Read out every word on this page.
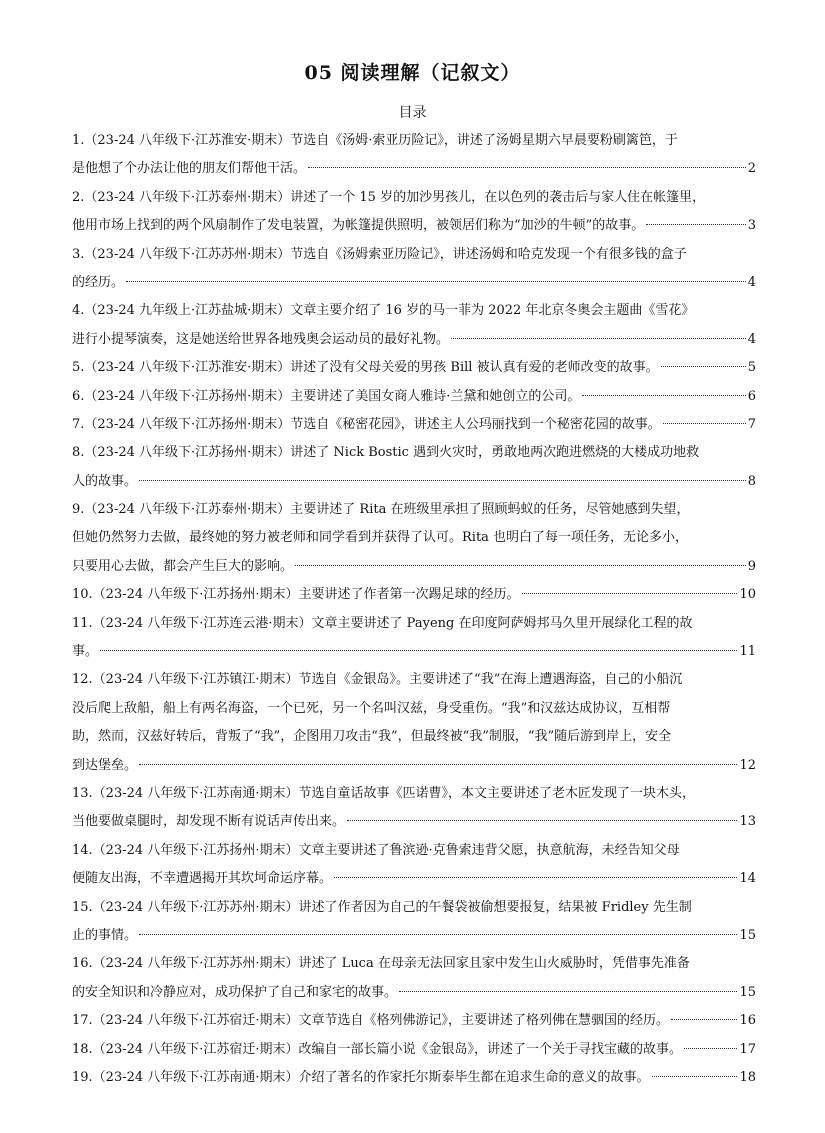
05 阅读理解（记叙文）
目录
1.（23-24 八年级下·江苏淮安·期末）节选自《汤姆·索亚历险记》，讲述了汤姆星期六早晨要粉刷篱笆，于
是他想了个办法让他的朋友们帮他干活。	2
2.（23-24 八年级下·江苏泰州·期末）讲述了一个 15 岁的加沙男孩儿，在以色列的袭击后与家人住在帐篷里，
他用市场上找到的两个风扇制作了发电装置，为帐篷提供照明，被领居们称为“加沙的牛顿”的故事。	3
3.（23-24 八年级下·江苏苏州·期末）节选自《汤姆索亚历险记》，讲述汤姆和哈克发现一个有很多钱的盒子
的经历。	4
4.（23-24 九年级上·江苏盐城·期末）文章主要介绍了 16 岁的马一菲为 2022 年北京冬奥会主题曲《雪花》
进行小提琴演奏，这是她送给世界各地残奥会运动员的最好礼物。	4
5.（23-24 八年级下·江苏淮安·期末）讲述了没有父母关爱的男孩 Bill 被认真有爱的老师改变的故事。	5
6.（23-24 八年级下·江苏扬州·期末）主要讲述了美国女商人雅诗·兰黛和她创立的公司。	6
7.（23-24 八年级下·江苏扬州·期末）节选自《秘密花园》，讲述主人公玛丽找到一个秘密花园的故事。	7
8.（23-24 八年级下·江苏扬州·期末）讲述了 Nick Bostic 遇到火灾时，勇敢地两次跑进燃烧的大楼成功地救
人的故事。	8
9.（23-24 八年级下·江苏泰州·期末）主要讲述了 Rita 在班级里承担了照顾蚂蚁的任务，尽管她感到失望，
但她仍然努力去做，最终她的努力被老师和同学看到并获得了认可。Rita 也明白了每一项任务，无论多小，
只要用心去做，都会产生巨大的影响。	9
10.（23-24 八年级下·江苏扬州·期末）主要讲述了作者第一次踢足球的经历。	10
11.（23-24 八年级下·江苏连云港·期末）文章主要讲述了 Payeng 在印度阿萨姆邦马久里开展绿化工程的故
事。	11
12.（23-24 八年级下·江苏镇江·期末）节选自《金银岛》。主要讲述了“我”在海上遭遇海盗，自己的小船沉
没后爬上敌船，船上有两名海盗，一个已死，另一个名叫汉兹，身受重伤。“我”和汉兹达成协议，互相帮
助，然而，汉兹好转后，背叛了“我”，企图用刀攻击“我”，但最终被“我”制服，“我”随后游到岸上，安全
到达堡垒。	12
13.（23-24 八年级下·江苏南通·期末）节选自童话故事《匹诺曹》，本文主要讲述了老木匠发现了一块木头，
当他要做桌腿时，却发现不断有说话声传出来。	13
14.（23-24 八年级下·江苏扬州·期末）文章主要讲述了鲁滨逊·克鲁索违背父愿，执意航海，未经告知父母
便随友出海，不幸遭遇揭开其坎坷命运序幕。	14
15.（23-24 八年级下·江苏苏州·期末）讲述了作者因为自己的午餐袋被偷想要报复，结果被 Fridley 先生制
止的事情。	15
16.（23-24 八年级下·江苏苏州·期末）讲述了 Luca 在母亲无法回家且家中发生山火威胁时，凭借事先准备
的安全知识和冷静应对，成功保护了自己和家宅的故事。	15
17.（23-24 八年级下·江苏宿迁·期末）文章节选自《格列佛游记》，主要讲述了格列佛在慧骃国的经历。	16
18.（23-24 八年级下·江苏宿迁·期末）改编自一部长篇小说《金银岛》，讲述了一个关于寻找宝藏的故事。	17
19.（23-24 八年级下·江苏南通·期末）介绍了著名的作家托尔斯泰毕生都在追求生命的意义的故事。	18
